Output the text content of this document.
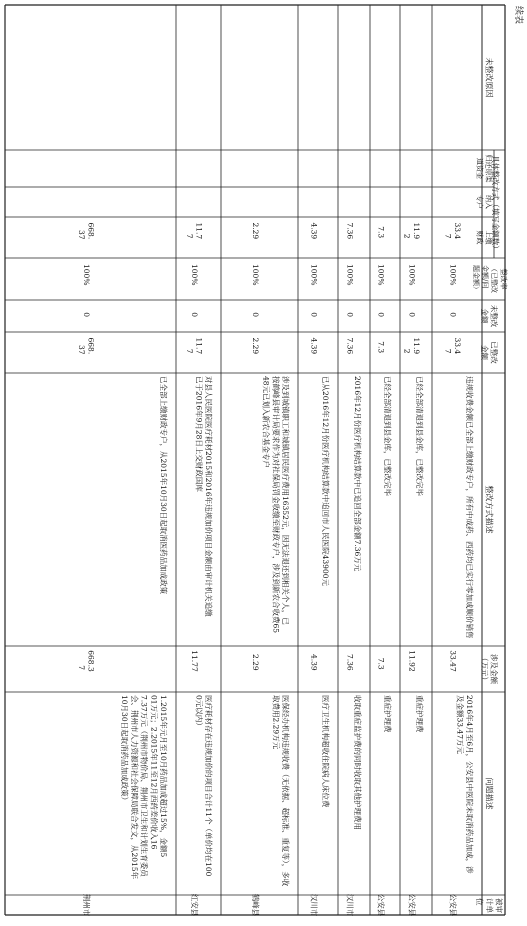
被审
计单
位
问题描述
涉及金额
（万元）
整改方式描述
已整改
金额
未整改
金额
整改率
（已整改
金额/问
题金额）
具体整改方式（填写金额数）
上缴
财政
纳入
专户
归还原渠
道资金
未整改原因
公安县
2016年4月至6月，公安县中医院未取消药品加成，涉
及金额33.47万元
33.47
违规收费金额已全部上缴财政专户，所有中成药、西药均已实行零加成顺价销售
33.4
7
0
100%
33.4
7
公安县
重症护理费
11.92
已经全部清退到县金库，已整改完毕
11.9
2
0
100%
11.9
2
公安县
重症护理费
7.3
已经全部清退到县金库，已整改完毕
7.3
0
100%
7.3
汉川市
收取重症监护费的同时收取其他护理费用
7.36
2016年12月份医疗机构结算款中已追回全部金额7.36万元
7.36
0
100%
7.36
汉川市
医疗卫生机构超收住院病人床位费
4.39
已从2016年12月份医疗机构结算款中追回市人民医院43900元
4.39
0
100%
4.39
鹤峰县
医保经办机构违规收费（无依据、超标准、重复等），多收
取费用2.29万元
2.29
涉及到城镇职工和城镇居民医疗费用16352元，因无法退还到相关个人，已
按鹤峰县审计局要求作为对社保局罚金收缴至财政专户，涉及到新农合收费65
48元已划入新农合基金专户
2.29
0
100%
2.29
红安县
医疗耗材存在违规加价的项目合计11个（单价均在100
0元以内）
11.77
对县人民医院医疗耗材2015和2016年违规加价项目金额由审计机关追缴
已于2016年9月28日上交财政国库
11.7
7
0
100%
11.7
7
荆州市
1.2015年元月至10月药品加成超过15%，金额5
01万元；2.2015年11至12月西药差价收入16
7.37万元（荆州市物价局、荆州市卫生和计划生育委员
会、荆州市人力资源和社会保障局联合发文，从2015年
10月30日起取消药品加成政策）
668.3
7
已全部上缴财政专户，从2015年10月30日起取消医药品加成政策
668.
37
0
100%
668.
37
续表
